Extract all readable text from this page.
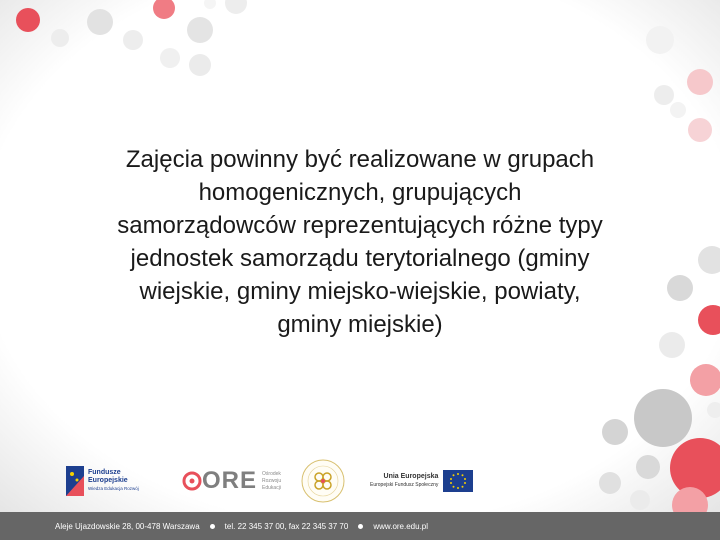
Zajęcia powinny być realizowane w grupach
homogenicznych, grupujących
samorządowców reprezentujących różne typy
jednostek samorządu terytorialnego (gminy
wiejskie, gminy miejsko-wiejskie, powiaty,
gminy miejskie)
Fundusze
Europejskie
Wiedza Edukacja Rozwój	ORE Ośrodek
Rozwoju
Edukacji
Unia Europejska
Europejski Fundusz Społeczny
Aleje Ujazdowskie 28, 00-478 Warszawa	tel. 22 345 37 00, fax 22 345 37 70	www.ore.edu.pl
